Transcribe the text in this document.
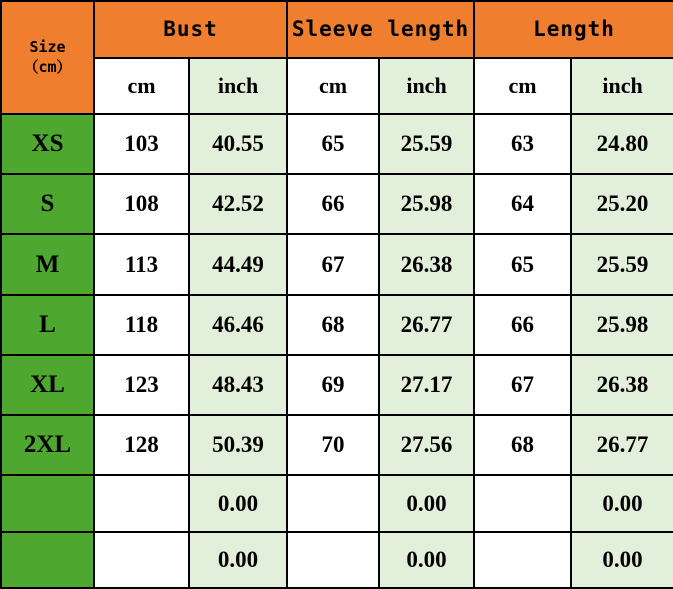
Size
（cm）	Bust		Sleeve length		Length	
	cm	inch	cm	inch	cm	inch
XS	103	40.55	65	25.59	63	24.80
S	108	42.52	66	25.98	64	25.20
M	113	44.49	67	26.38	65	25.59
L	118	46.46	68	26.77	66	25.98
XL	123	48.43	69	27.17	67	26.38
2XL	128	50.39	70	27.56	68	26.77
		0.00		0.00		0.00
		0.00		0.00		0.00
